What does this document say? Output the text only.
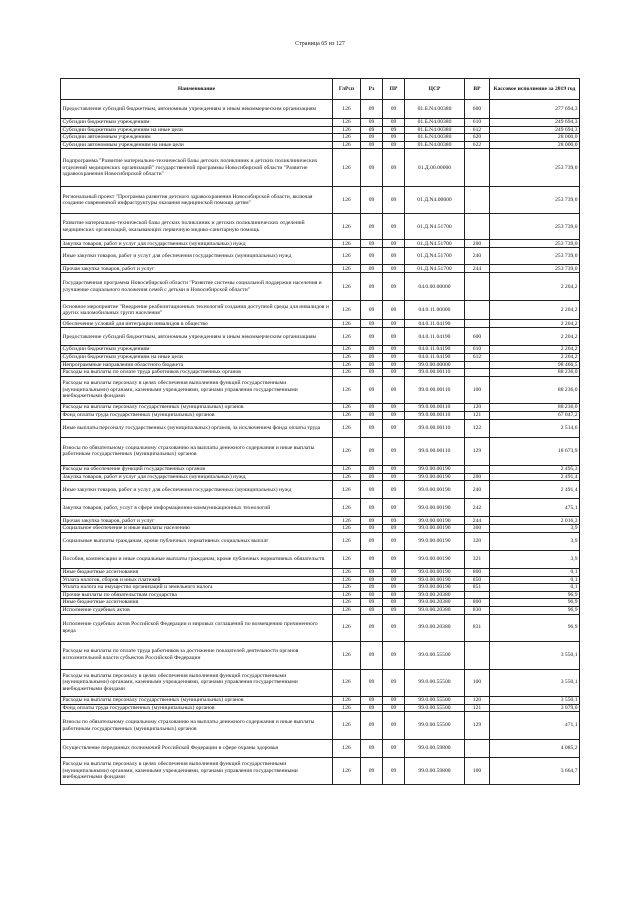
Страница 65 из 127
Наименование	ГлРсп	Рз	ПР	ЦСР	ВР	Кассовое исполнение за 2019 год
Предоставление субсидий бюджетным, автономным учреждениям и иным некоммерческим организациям	126	09	09	01.Б.N4.00380	600	277 694,3
Субсидии бюджетным учреждениям	126	09	09	01.Б.N4.00380	610	249 694,3
Субсидии бюджетным учреждениям на иные цели	126	09	09	01.Б.N4.00380	612	249 694,3
Субсидии автономным учреждениям	126	09	09	01.Б.N4.00380	620	28 000,0
Субсидии автономным учреждениям на иные цели	126	09	09	01.Б.N4.00380	622	28 000,0
Подпрограмма "Развитие материально-технической базы детских поликлиник и детских поликлинических отделений медицинских организаций" государственной программы Новосибирской области "Развитие здравоохранения Новосибирской области"	126	09	09	01.Д.00.00000		253 739,0
Региональный проект "Программа развития детского здравоохранения Новосибирской области, включая создание современной инфраструктуры оказания медицинской помощи детям"	126	09	09	01.Д.N4.00000		253 739,0
Развитие материально-технической базы детских поликлиник и детских поликлинических отделений медицинских организаций, оказывающих первичную медико-санитарную помощь	126	09	09	01.Д.N4.51700		253 739,0
Закупка товаров, работ и услуг для государственных (муниципальных) нужд	126	09	09	01.Д.N4.51700	200	253 739,0
Иные закупки товаров, работ и услуг для обеспечения государственных (муниципальных) нужд	126	09	09	01.Д.N4.51700	240	253 739,0
Прочая закупка товаров, работ и услуг	126	09	09	01.Д.N4.51700	244	253 739,0
Государственная программа Новосибирской области "Развитие системы социальной поддержки населения и улучшение социального положения семей с детьми в Новосибирской области"	126	09	09	04.0.00.00000		2 204,2
Основное мероприятие "Внедрение реабилитационных технологий создания доступной среды для инвалидов и других маломобильных групп населения"	126	09	09	04.0.11.00000		2 204,2
Обеспечение условий для интеграции инвалидов в общество	126	09	09	04.0.11.04190		2 204,2
Предоставление субсидий бюджетным, автономным учреждениям и иным некоммерческим организациям	126	09	09	04.0.11.04190	600	2 204,2
Субсидии бюджетным учреждениям	126	09	09	04.0.11.04190	610	2 204,2
Субсидии бюджетным учреждениям на иные цели	126	09	09	04.0.11.04190	612	2 204,2
Непрограммные направления областного бюджета	126	09	09	99.0.00.00000		98 466,5
Расходы на выплаты по оплате труда работников государственных органов	126	09	09	99.0.00.00110		88 236,0
Расходы на выплаты персоналу в целях обеспечения выполнения функций государственными (муниципальными) органами, казенными учреждениями, органами управления государственными внебюджетными фондами	126	09	09	99.0.00.00110	100	88 236,0
Расходы на выплаты персоналу государственных (муниципальных) органов	126	09	09	99.0.00.00110	120	88 236,0
Фонд оплаты труда государственных (муниципальных) органов	126	09	09	99.0.00.00110	121	67 047,2
Иные выплаты персоналу государственных (муниципальных) органов, за исключением фонда оплаты труда	126	09	09	99.0.00.00110	122	2 514,6
Взносы по обязательному социальному страхованию на выплаты денежного содержания и иные выплаты работникам государственных (муниципальных) органов	126	09	09	99.0.00.00110	129	18 673,9
Расходы на обеспечение функций государственных органов	126	09	09	99.0.00.00190		2 495,3
Закупка товаров, работ и услуг для государственных (муниципальных) нужд	126	09	09	99.0.00.00190	200	2 491,4
Иные закупки товаров, работ и услуг для обеспечения государственных (муниципальных) нужд	126	09	09	99.0.00.00190	240	2 491,4
Закупка товаров, работ, услуг в сфере информационно-коммуникационных технологий	126	09	09	99.0.00.00190	242	475,1
Прочая закупка товаров, работ и услуг	126	09	09	99.0.00.00190	244	2 016,3
Социальное обеспечение и иные выплаты населению	126	09	09	99.0.00.00190	300	3,9
Социальные выплаты гражданам, кроме публичных нормативных социальных выплат	126	09	09	99.0.00.00190	320	3,9
Пособия, компенсации и иные социальные выплаты гражданам, кроме публичных нормативных обязательств	126	09	09	99.0.00.00190	321	3,9
Иные бюджетные ассигнования	126	09	09	99.0.00.00190	800	0,1
Уплата налогов, сборов и иных платежей	126	09	09	99.0.00.00190	850	0,1
Уплата налога на имущество организаций и земельного налога	126	09	09	99.0.00.00190	851	0,1
Прочие выплаты по обязательствам государства	126	09	09	99.0.00.20380		96,9
Иные бюджетные ассигнования	126	09	09	99.0.00.20380	800	96,9
Исполнение судебных актов	126	09	09	99.0.00.20380	830	96,9
Исполнение судебных актов Российской Федерации и мировых соглашений по возмещению причиненного вреда	126	09	09	99.0.00.20380	831	96,9
Расходы на выплаты по оплате труда работников за достижение показателей деятельности органов исполнительной власти субъектов Российской Федерации	126	09	09	99.0.00.55500		3 550,1
Расходы на выплаты персоналу в целях обеспечения выполнения функций государственными (муниципальными) органами, казенными учреждениями, органами управления государственными внебюджетными фондами	126	09	09	99.0.00.55500	100	3 550,1
Расходы на выплаты персоналу государственных (муниципальных) органов	126	09	09	99.0.00.55500	120	3 550,1
Фонд оплаты труда государственных (муниципальных) органов	126	09	09	99.0.00.55500	121	3 079,0
Взносы по обязательному социальному страхованию на выплаты денежного содержания и иные выплаты работникам государственных (муниципальных) органов	126	09	09	99.0.00.55500	129	471,1
Осуществление переданных полномочий Российской Федерации в сфере охраны здоровья	126	09	09	99.0.00.59800		4 085,2
Расходы на выплаты персоналу в целях обеспечения выполнения функций государственными (муниципальными) органами, казенными учреждениями, органами управления государственными внебюджетными фондами	126	09	09	99.0.00.59800	100	3 664,7
